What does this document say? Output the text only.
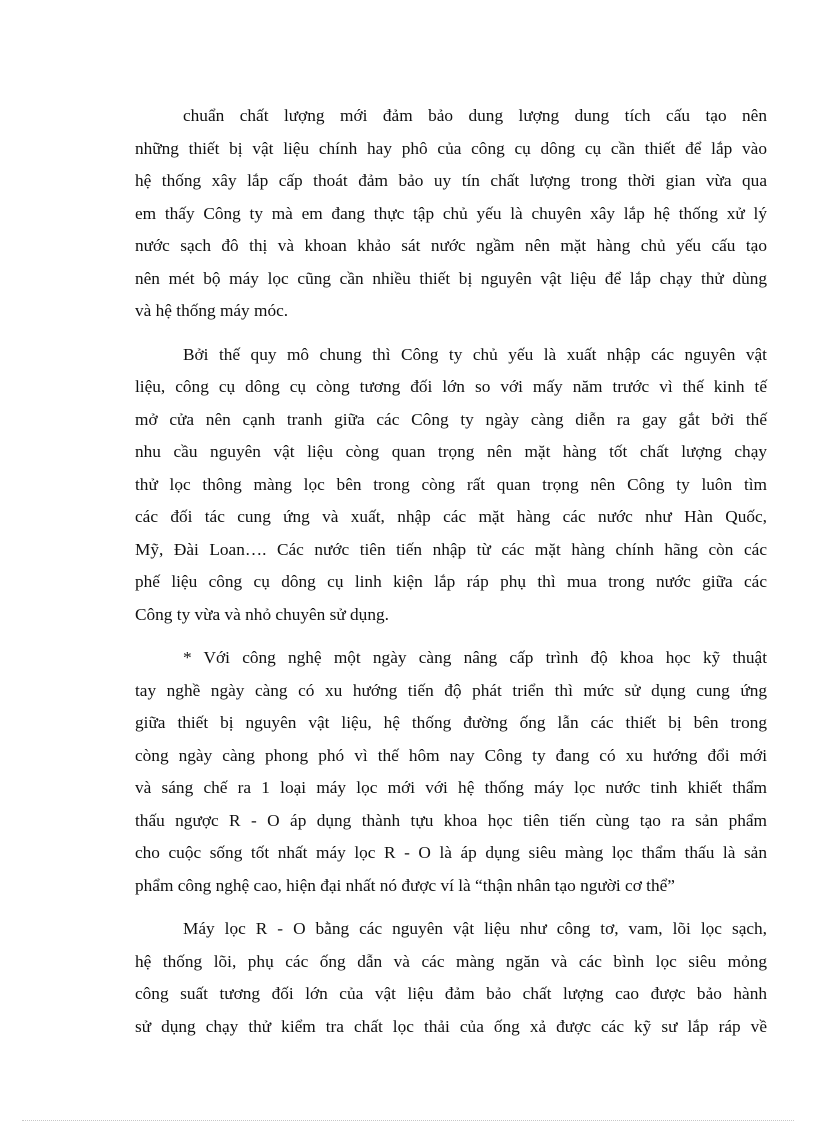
chuẩn chất lượng mới đảm bảo dung lượng dung tích cấu tạo nên
những thiết bị vật liệu chính hay phô của công cụ dông cụ cần thiết để lắp vào
hệ thống xây lắp cấp thoát đảm bảo uy tín chất lượng trong thời gian vừa qua
em thấy Công ty mà em đang thực tập chủ yếu là chuyên xây lắp hệ thống xử lý
nước sạch đô thị và khoan khảo sát nước ngầm nên mặt hàng chủ yếu cấu tạo
nên mét bộ máy lọc cũng cần nhiều thiết bị nguyên vật liệu để lắp chạy thử dùng
và hệ thống máy móc.
Bởi thế quy mô chung thì Công ty chủ yếu là xuất nhập các nguyên vật
liệu, công cụ dông cụ còng tương đối lớn so với mấy năm trước vì thế kinh tế
mở cửa nên cạnh tranh giữa các Công ty ngày càng diễn ra gay gắt bởi thế
nhu cầu nguyên vật liệu còng quan trọng nên mặt hàng tốt chất lượng chạy
thử lọc thông màng lọc bên trong còng rất quan trọng nên Công ty luôn tìm
các đối tác cung ứng và xuất, nhập các mặt hàng các nước như Hàn Quốc,
Mỹ, Đài Loan…. Các nước tiên tiến nhập từ các mặt hàng chính hãng còn các
phế liệu công cụ dông cụ linh kiện lắp ráp phụ thì mua trong nước giữa các
Công ty vừa và nhỏ chuyên sử dụng.
* Với công nghệ một ngày càng nâng cấp trình độ khoa học kỹ thuật
tay nghề ngày càng có xu hướng tiến độ phát triển thì mức sử dụng cung ứng
giữa thiết bị nguyên vật liệu, hệ thống đường ống lẫn các thiết bị bên trong
còng ngày càng phong phó vì thế hôm nay Công ty đang có xu hướng đổi mới
và sáng chế ra 1 loại máy lọc mới với hệ thống máy lọc nước tinh khiết thẩm
thấu ngược R - O áp dụng thành tựu khoa học tiên tiến cùng tạo ra sản phẩm
cho cuộc sống tốt nhất máy lọc R - O là áp dụng siêu màng lọc thẩm thấu là sản
phẩm công nghệ cao, hiện đại nhất nó được ví là “thận nhân tạo người cơ thể”
Máy lọc R - O bằng các nguyên vật liệu như công tơ, vam, lõi lọc sạch,
hệ thống lõi, phụ các ống dẫn và các màng ngăn và các bình lọc siêu mỏng
công suất tương đối lớn của vật liệu đảm bảo chất lượng cao được bảo hành
sử dụng chạy thử kiểm tra chất lọc thải của ống xả được các kỹ sư lắp ráp về
